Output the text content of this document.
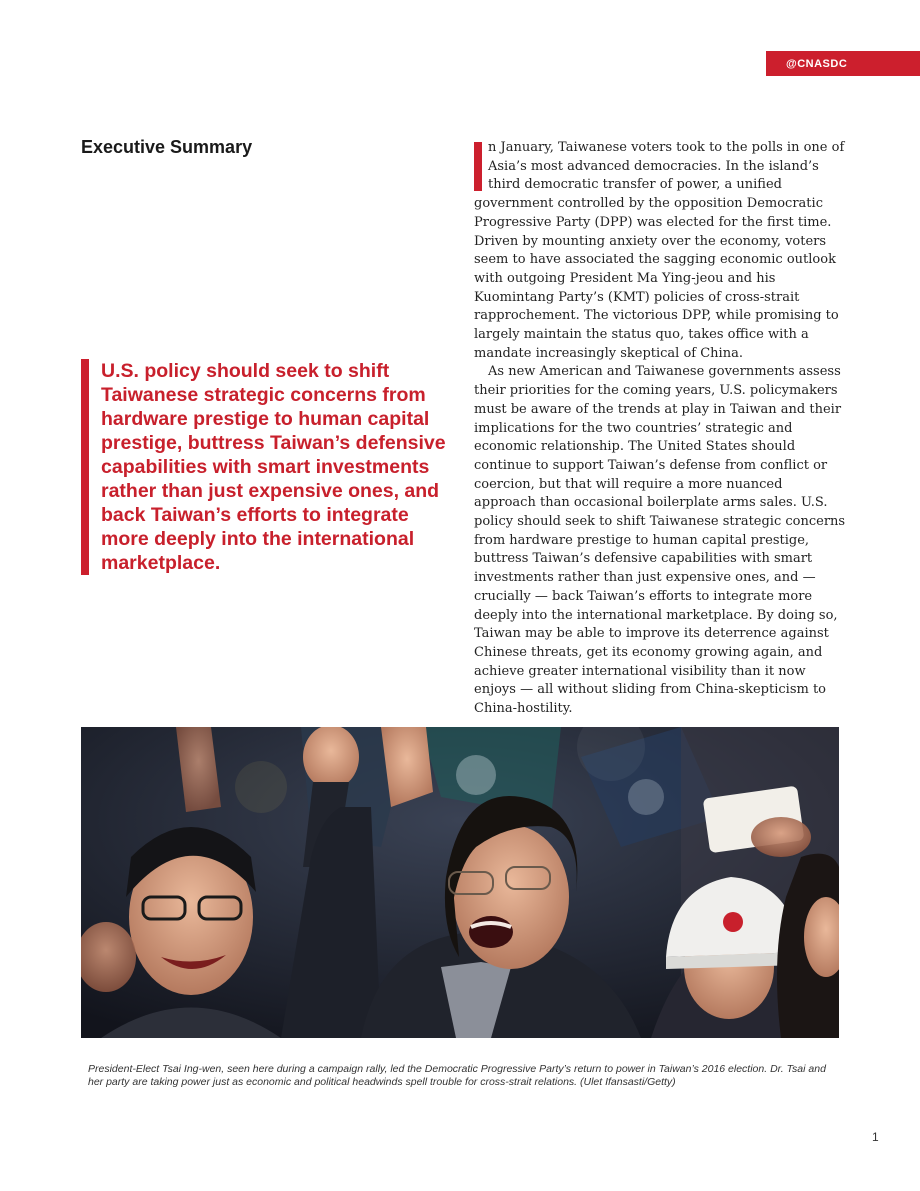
@CNASDC
Executive Summary
U.S. policy should seek to shift Taiwanese strategic concerns from hardware prestige to human capital prestige, buttress Taiwan’s defensive capabilities with smart investments rather than just expensive ones, and back Taiwan’s efforts to integrate more deeply into the international marketplace.

n January, Taiwanese voters took to the polls in one of Asia’s most advanced democracies. In the island’s third democratic transfer of power, a unified government controlled by the opposition Democratic Progressive Party (DPP) was elected for the first time. Driven by mounting anxiety over the economy, voters seem to have associated the sagging economic outlook with outgoing President Ma Ying-jeou and his Kuomintang Party’s (KMT) policies of cross-strait rapprochement. The victorious DPP, while promising to largely maintain the status quo, takes office with a mandate increasingly skeptical of China.

As new American and Taiwanese governments assess their priorities for the coming years, U.S. policymakers must be aware of the trends at play in Taiwan and their implications for the two countries’ strategic and economic relationship. The United States should continue to support Taiwan’s defense from conflict or coercion, but that will require a more nuanced approach than occasional boilerplate arms sales. U.S. policy should seek to shift Taiwanese strategic concerns from hardware prestige to human capital prestige, buttress Taiwan’s defensive capabilities with smart investments rather than just expensive ones, and — crucially — back Taiwan’s efforts to integrate more deeply into the international marketplace. By doing so, Taiwan may be able to improve its deterrence against Chinese threats, get its economy growing again, and achieve greater international visibility than it now enjoys — all without sliding from China-skepticism to China-hostility.

President-Elect Tsai Ing-wen, seen here during a campaign rally, led the Democratic Progressive Party’s return to power in Taiwan’s 2016 election. Dr. Tsai and her party are taking power just as economic and political headwinds spell trouble for cross-strait relations. (Ulet Ifansasti/Getty)

1
